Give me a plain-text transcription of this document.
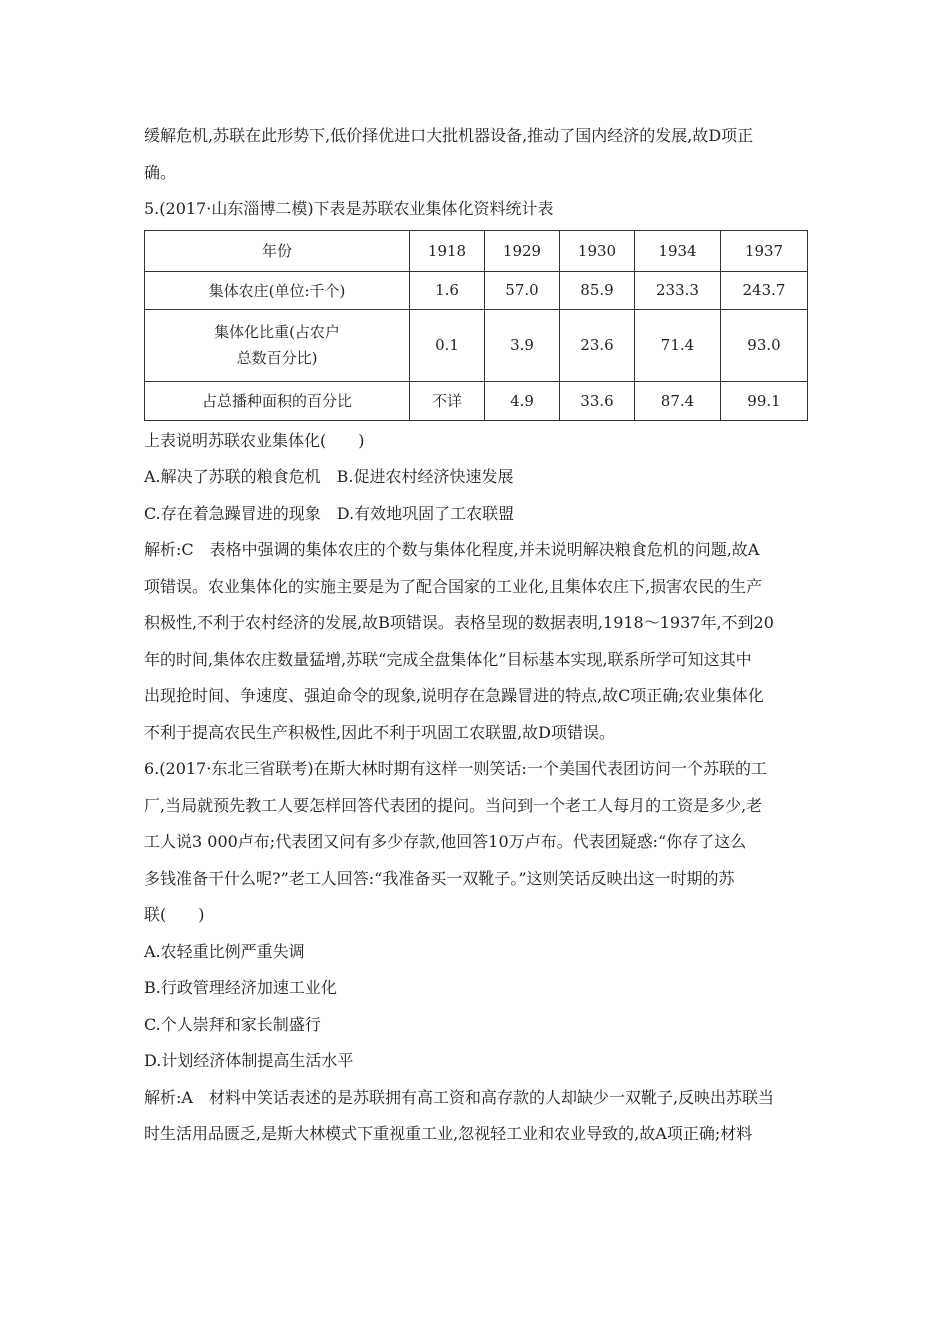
缓解危机,苏联在此形势下,低价择优进口大批机器设备,推动了国内经济的发展,故D项正

确。

5.(2017·山东淄博二模)下表是苏联农业集体化资料统计表

年份	1918	1929	1930	1934	1937
集体农庄(单位:千个)	1.6	57.0	85.9	233.3	243.7

集体化比重(占农户
总数百分比)	0.1	3.9	23.6	71.4	93.0
占总播种面积的百分比	不详	4.9	33.6	87.4	99.1

上表说明苏联农业集体化(　　)

A.解决了苏联的粮食危机　B.促进农村经济快速发展

C.存在着急躁冒进的现象　D.有效地巩固了工农联盟

解析:C　表格中强调的集体农庄的个数与集体化程度,并未说明解决粮食危机的问题,故A

项错误。农业集体化的实施主要是为了配合国家的工业化,且集体农庄下,损害农民的生产

积极性,不利于农村经济的发展,故B项错误。表格呈现的数据表明,1918～1937年,不到20

年的时间,集体农庄数量猛增,苏联“完成全盘集体化”目标基本实现,联系所学可知这其中

出现抢时间、争速度、强迫命令的现象,说明存在急躁冒进的特点,故C项正确;农业集体化

不利于提高农民生产积极性,因此不利于巩固工农联盟,故D项错误。

6.(2017·东北三省联考)在斯大林时期有这样一则笑话:一个美国代表团访问一个苏联的工

厂,当局就预先教工人要怎样回答代表团的提问。当问到一个老工人每月的工资是多少,老

工人说3 000卢布;代表团又问有多少存款,他回答10万卢布。代表团疑惑:“你存了这么

多钱准备干什么呢?”老工人回答:“我准备买一双靴子。”这则笑话反映出这一时期的苏

联(　　)

A.农轻重比例严重失调

B.行政管理经济加速工业化

C.个人崇拜和家长制盛行

D.计划经济体制提高生活水平

解析:A　材料中笑话表述的是苏联拥有高工资和高存款的人却缺少一双靴子,反映出苏联当

时生活用品匮乏,是斯大林模式下重视重工业,忽视轻工业和农业导致的,故A项正确;材料
